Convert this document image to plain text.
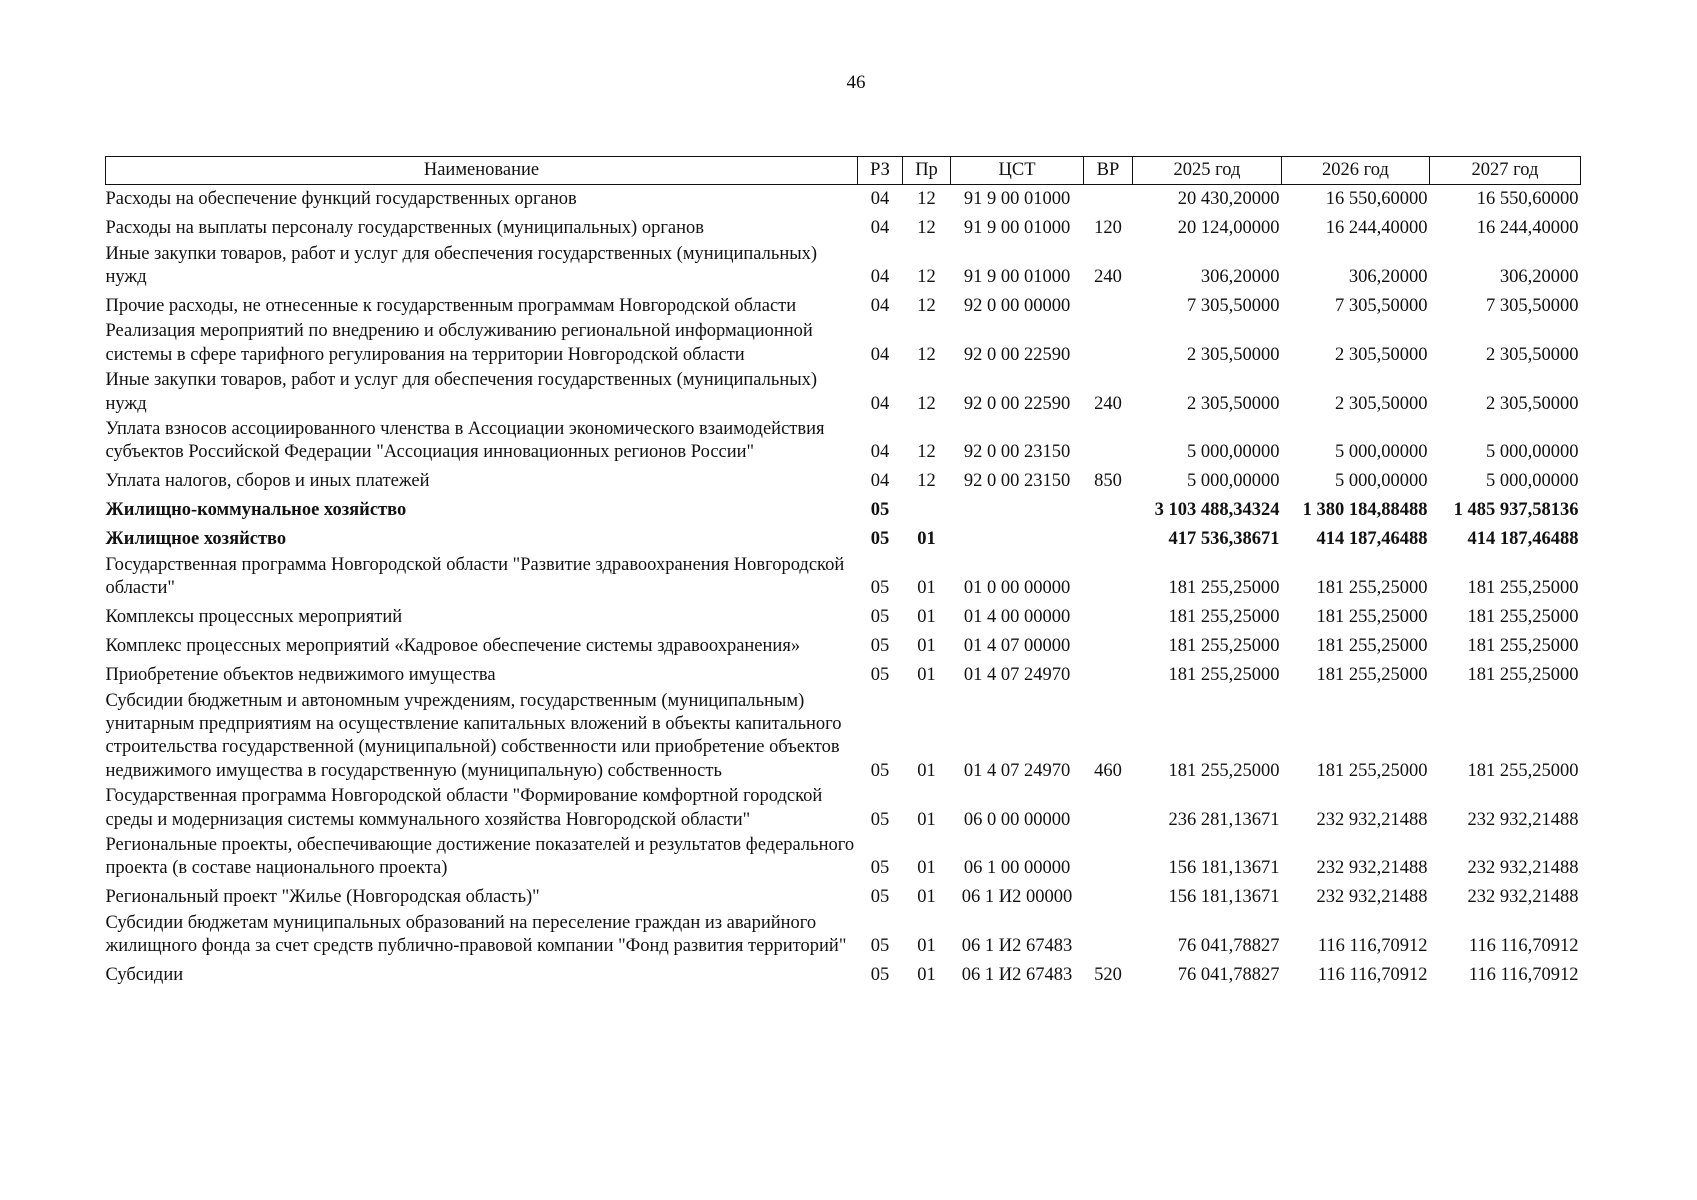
46
Наименование	РЗ	Пр	ЦСТ	ВР	2025 год	2026 год	2027 год
Расходы на обеспечение функций государственных органов	04	12	91 9 00 01000		20 430,20000	16 550,60000	16 550,60000
Расходы на выплаты персоналу государственных (муниципальных) органов	04	12	91 9 00 01000	120	20 124,00000	16 244,40000	16 244,40000
Иные закупки товаров, работ и услуг для обеспечения государственных (муниципальных) нужд	04	12	91 9 00 01000	240	306,20000	306,20000	306,20000
Прочие расходы, не отнесенные к государственным программам Новгородской области	04	12	92 0 00 00000		7 305,50000	7 305,50000	7 305,50000
Реализация мероприятий по внедрению и обслуживанию региональной информационной системы в сфере тарифного регулирования на территории Новгородской области	04	12	92 0 00 22590		2 305,50000	2 305,50000	2 305,50000
Иные закупки товаров, работ и услуг для обеспечения государственных (муниципальных) нужд	04	12	92 0 00 22590	240	2 305,50000	2 305,50000	2 305,50000
Уплата взносов ассоциированного членства в Ассоциации экономического взаимодействия субъектов Российской Федерации "Ассоциация инновационных регионов России"	04	12	92 0 00 23150		5 000,00000	5 000,00000	5 000,00000
Уплата налогов, сборов и иных платежей	04	12	92 0 00 23150	850	5 000,00000	5 000,00000	5 000,00000
Жилищно-коммунальное хозяйство	05				3 103 488,34324	1 380 184,88488	1 485 937,58136
Жилищное хозяйство	05	01			417 536,38671	414 187,46488	414 187,46488
Государственная программа Новгородской области "Развитие здравоохранения Новгородской области"	05	01	01 0 00 00000		181 255,25000	181 255,25000	181 255,25000
Комплексы процессных мероприятий	05	01	01 4 00 00000		181 255,25000	181 255,25000	181 255,25000
Комплекс процессных мероприятий «Кадровое обеспечение системы здравоохранения»	05	01	01 4 07 00000		181 255,25000	181 255,25000	181 255,25000
Приобретение объектов недвижимого имущества	05	01	01 4 07 24970		181 255,25000	181 255,25000	181 255,25000
Субсидии бюджетным и автономным учреждениям, государственным (муниципальным) унитарным предприятиям на осуществление капитальных вложений в объекты капитального строительства государственной (муниципальной) собственности или приобретение объектов недвижимого имущества в государственную (муниципальную) собственность	05	01	01 4 07 24970	460	181 255,25000	181 255,25000	181 255,25000
Государственная программа Новгородской области "Формирование комфортной городской среды и модернизация системы коммунального хозяйства Новгородской области"	05	01	06 0 00 00000		236 281,13671	232 932,21488	232 932,21488
Региональные проекты, обеспечивающие достижение показателей и результатов федерального проекта (в составе национального проекта)	05	01	06 1 00 00000		156 181,13671	232 932,21488	232 932,21488
Региональный проект "Жилье (Новгородская область)"	05	01	06 1 И2 00000		156 181,13671	232 932,21488	232 932,21488
Субсидии бюджетам муниципальных образований на переселение граждан из аварийного жилищного фонда за счет средств публично-правовой компании "Фонд развития территорий"	05	01	06 1 И2 67483		76 041,78827	116 116,70912	116 116,70912
Субсидии	05	01	06 1 И2 67483	520	76 041,78827	116 116,70912	116 116,70912
